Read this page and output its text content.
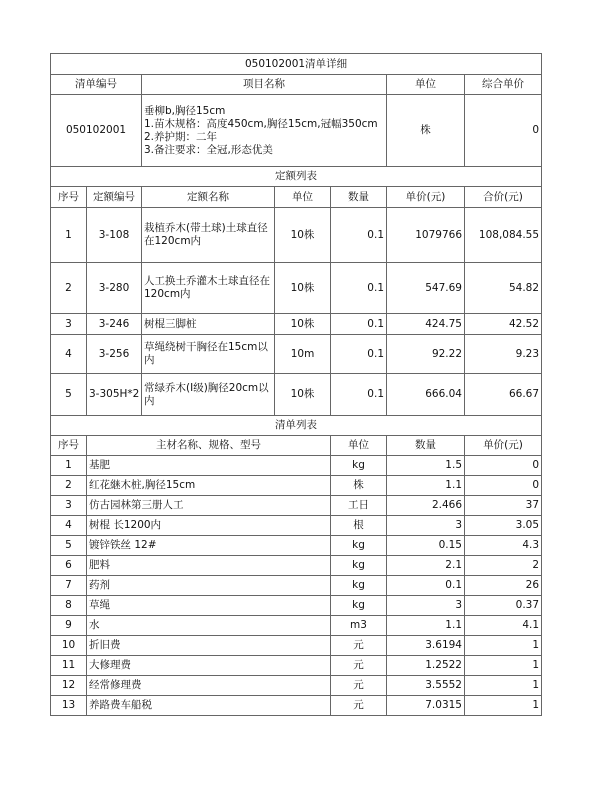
050102001清单详细							
清单编号		项目名称			单位	综合单价	
050102001		垂柳b,胸径15cm
1.苗木规格：高度450cm,胸径15cm,冠幅350cm
2.养护期：二年
3.备注要求：全冠,形态优美			株	0	
定额列表							
序号	定额编号	定额名称	单位	数量	单价(元)	合价(元)	
1	3-108	栽植乔木(带土球)土球直径在120cm内	10株	0.1	1079766	108,084.55	
2	3-280	人工换土乔灌木土球直径在120cm内	10株	0.1	547.69	54.82	
3	3-246	树棍三脚桩	10株	0.1	424.75	42.52	
4	3-256	草绳绕树干胸径在15cm以内	10m	0.1	92.22	9.23	
5	3-305H*2	常绿乔木(I级)胸径20cm以内	10株	0.1	666.04	66.67	
清单列表							
序号	主材名称、规格、型号			单位	数量	单价(元)	
1	基肥			kg	1.5	0	
2	红花継木桩,胸径15cm			株	1.1	0	
3	仿古园林第三册人工			工日	2.466	37	
4	树棍 长1200内			根	3	3.05	
5	镀锌铁丝 12#			kg	0.15	4.3	
6	肥料			kg	2.1	2	
7	药剂			kg	0.1	26	
8	草绳			kg	3	0.37	
9	水			m3	1.1	4.1	
10	折旧费			元	3.6194	1	
11	大修理费			元	1.2522	1	
12	经常修理费			元	3.5552	1	
13	养路费车船税			元	7.0315	1	
